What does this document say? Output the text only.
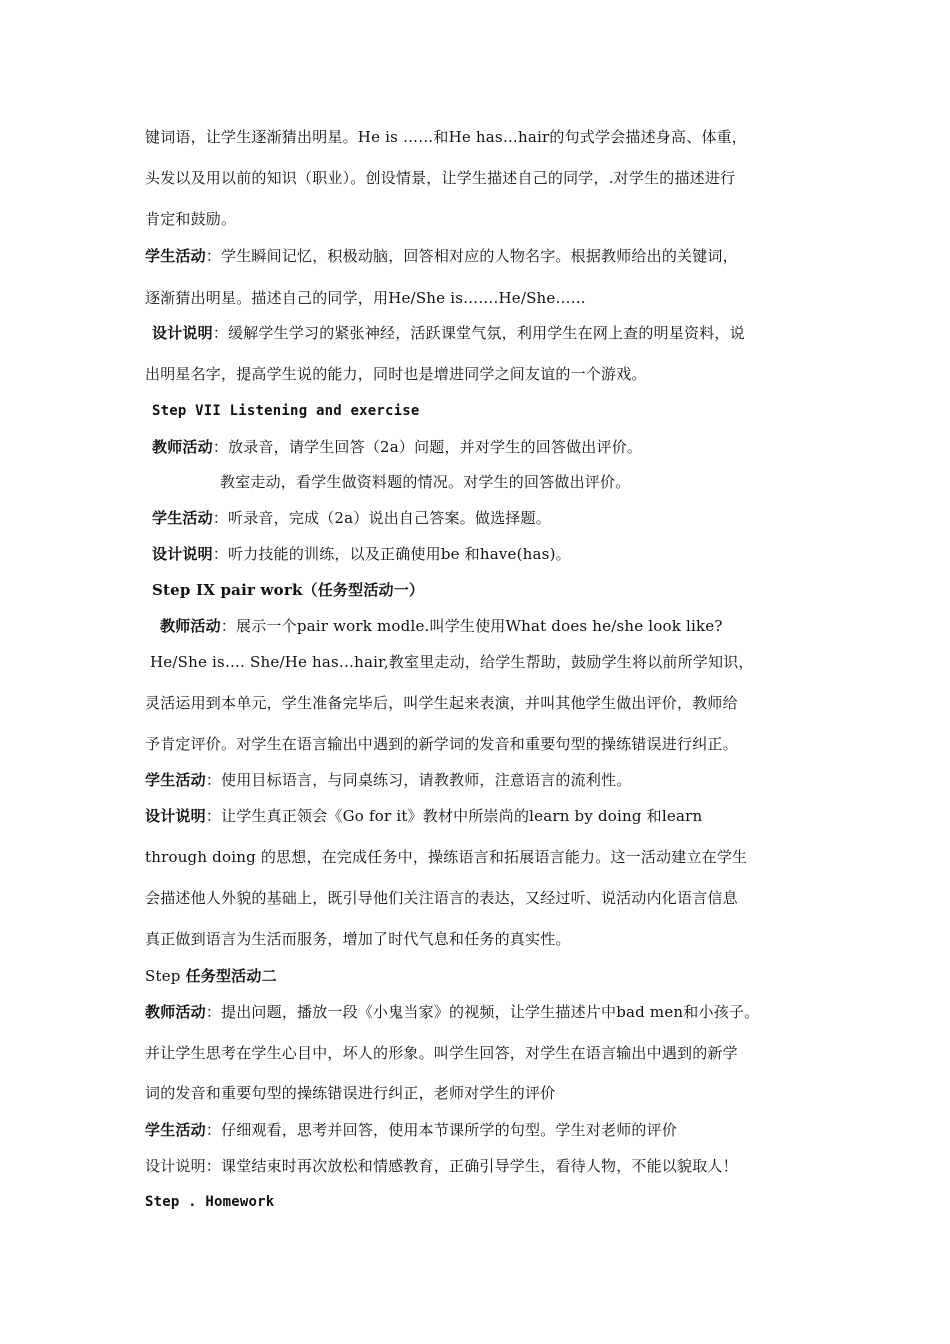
键词语，让学生逐渐猜出明星。He is ……和He has…hair的句式学会描述身高、体重，
头发以及用以前的知识（职业）。创设情景，让学生描述自己的同学，.对学生的描述进行
肯定和鼓励。
学生活动：学生瞬间记忆，积极动脑，回答相对应的人物名字。根据教师给出的关键词，
逐渐猜出明星。描述自己的同学，用He/She is…….He/She……
设计说明：缓解学生学习的紧张神经，活跃课堂气氛，利用学生在网上查的明星资料，说
出明星名字，提高学生说的能力，同时也是增进同学之间友谊的一个游戏。
Step VII Listening and exercise
教师活动：放录音，请学生回答（2a）问题，并对学生的回答做出评价。
教室走动，看学生做资料题的情况。对学生的回答做出评价。
学生活动：听录音，完成（2a）说出自己答案。做选择题。
设计说明：听力技能的训练，以及正确使用be 和have(has)。
Step IX pair work（任务型活动一）
教师活动：展示一个pair work modle.叫学生使用What does he/she look like?
He/She is…. She/He has…hair,教室里走动，给学生帮助，鼓励学生将以前所学知识，
灵活运用到本单元，学生准备完毕后，叫学生起来表演，并叫其他学生做出评价，教师给
予肯定评价。对学生在语言输出中遇到的新学词的发音和重要句型的操练错误进行纠正。
学生活动：使用目标语言，与同桌练习，请教教师，注意语言的流利性。
设计说明：让学生真正领会《Go for it》教材中所崇尚的learn by doing 和learn
through doing 的思想，在完成任务中，操练语言和拓展语言能力。这一活动建立在学生
会描述他人外貌的基础上，既引导他们关注语言的表达，又经过听、说活动内化语言信息
真正做到语言为生活而服务，增加了时代气息和任务的真实性。
Step 任务型活动二
教师活动：提出问题，播放一段《小鬼当家》的视频，让学生描述片中bad men和小孩子。
并让学生思考在学生心目中，坏人的形象。叫学生回答，对学生在语言输出中遇到的新学
词的发音和重要句型的操练错误进行纠正，老师对学生的评价
学生活动：仔细观看，思考并回答，使用本节课所学的句型。学生对老师的评价
设计说明：课堂结束时再次放松和情感教育，正确引导学生，看待人物，不能以貌取人！
Step . Homework
